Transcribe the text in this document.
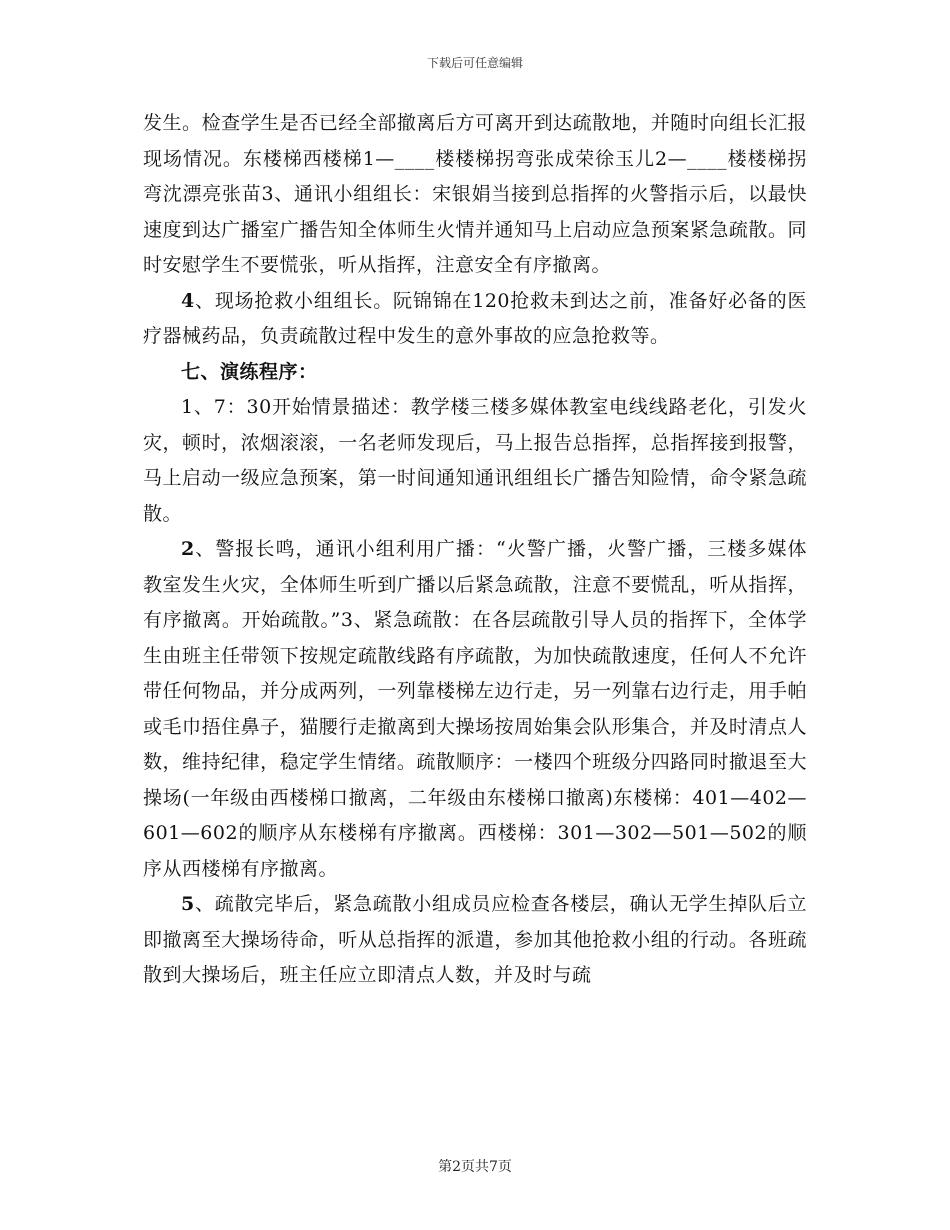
下载后可任意编辑

发生。检查学生是否已经全部撤离后方可离开到达疏散地，并随时向组长汇报现场情况。东楼梯西楼梯1—____楼楼梯拐弯张成荣徐玉儿2—____楼楼梯拐弯沈漂亮张苗3、通讯小组组长：宋银娟当接到总指挥的火警指示后，以最快速度到达广播室广播告知全体师生火情并通知马上启动应急预案紧急疏散。同时安慰学生不要慌张，听从指挥，注意安全有序撤离。

4、现场抢救小组组长。阮锦锦在120抢救未到达之前，准备好必备的医疗器械药品，负责疏散过程中发生的意外事故的应急抢救等。

七、演练程序：

1、7：30开始情景描述：教学楼三楼多媒体教室电线线路老化，引发火灾，顿时，浓烟滚滚，一名老师发现后，马上报告总指挥，总指挥接到报警，马上启动一级应急预案，第一时间通知通讯组组长广播告知险情，命令紧急疏散。

2、警报长鸣，通讯小组利用广播：“火警广播，火警广播，三楼多媒体教室发生火灾，全体师生听到广播以后紧急疏散，注意不要慌乱，听从指挥，有序撤离。开始疏散。”3、紧急疏散：在各层疏散引导人员的指挥下，全体学生由班主任带领下按规定疏散线路有序疏散，为加快疏散速度，任何人不允许带任何物品，并分成两列，一列靠楼梯左边行走，另一列靠右边行走，用手帕或毛巾捂住鼻子，猫腰行走撤离到大操场按周始集会队形集合，并及时清点人数，维持纪律，稳定学生情绪。疏散顺序：一楼四个班级分四路同时撤退至大操场(一年级由西楼梯口撤离，二年级由东楼梯口撤离)东楼梯：401—402—601—602的顺序从东楼梯有序撤离。西楼梯：301—302—501—502的顺序从西楼梯有序撤离。

5、疏散完毕后，紧急疏散小组成员应检查各楼层，确认无学生掉队后立即撤离至大操场待命，听从总指挥的派遣，参加其他抢救小组的行动。各班疏散到大操场后，班主任应立即清点人数，并及时与疏

第2页共7页
